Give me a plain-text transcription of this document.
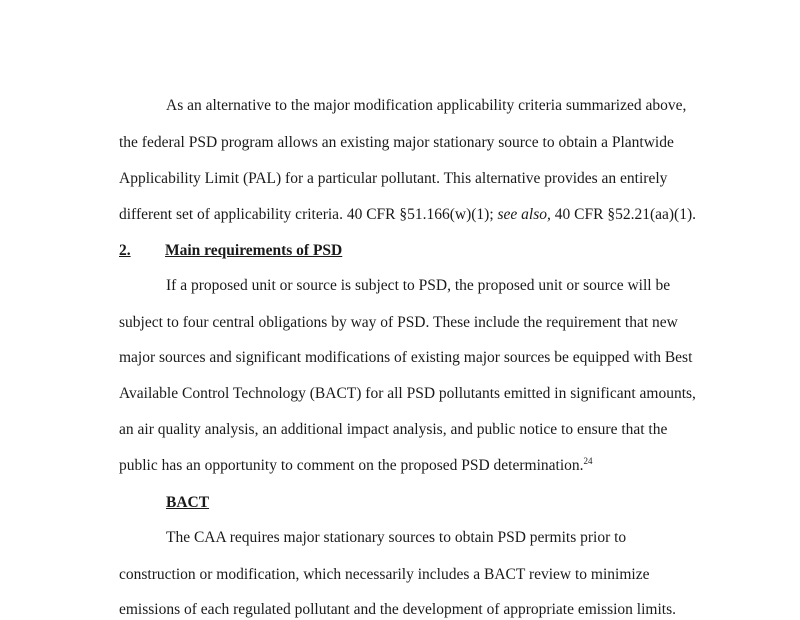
As an alternative to the major modification applicability criteria summarized above,
the federal PSD program allows an existing major stationary source to obtain a Plantwide
Applicability Limit (PAL) for a particular pollutant. This alternative provides an entirely
different set of applicability criteria. 40 CFR §51.166(w)(1); see also, 40 CFR §52.21(aa)(1).
2. Main requirements of PSD
If a proposed unit or source is subject to PSD, the proposed unit or source will be
subject to four central obligations by way of PSD. These include the requirement that new
major sources and significant modifications of existing major sources be equipped with Best
Available Control Technology (BACT) for all PSD pollutants emitted in significant amounts,
an air quality analysis, an additional impact analysis, and public notice to ensure that the
public has an opportunity to comment on the proposed PSD determination.$^{24}$
BACT
The CAA requires major stationary sources to obtain PSD permits prior to
construction or modification, which necessarily includes a BACT review to minimize
emissions of each regulated pollutant and the development of appropriate emission limits.
